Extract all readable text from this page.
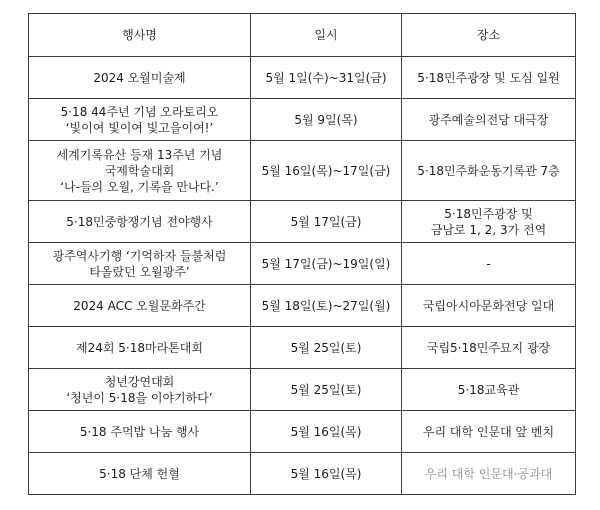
행사명	일시	장소

2024 오월미술제	5월 1일(수)~31일(금)	5·18민주광장 및 도심 일원

5·18 44주년 기념 오라토리오
‘빛이여 빛이여 빛고을이여!’	5월 9일(목)	광주예술의전당 대극장

세계기록유산 등재 13주년 기념
국제학술대회
‘나-들의 오월, 기록을 만나다.’	5월 16일(목)~17일(금)	5·18민주화운동기록관 7층

5·18민중항쟁기념 전야행사	5월 17일(금)	5·18민주광장 및
금남로 1, 2, 3가 전역

광주역사기행 ‘기억하자 들불처럼
타올랐던 오월광주’	5월 17일(금)~19일(일)	-

2024 ACC 오월문화주간	5월 18일(토)~27일(월)	국립아시아문화전당 일대

제24회 5·18마라톤대회	5월 25일(토)	국립5·18민주묘지 광장

청년강연대회
‘청년이 5·18을 이야기하다’	5월 25일(토)	5·18교육관

5·18 주먹밥 나눔 행사	5월 16일(목)	우리 대학 인문대 앞 벤치

5·18 단체 헌혈	5월 16일(목)	우리 대학 인문대·공과대
